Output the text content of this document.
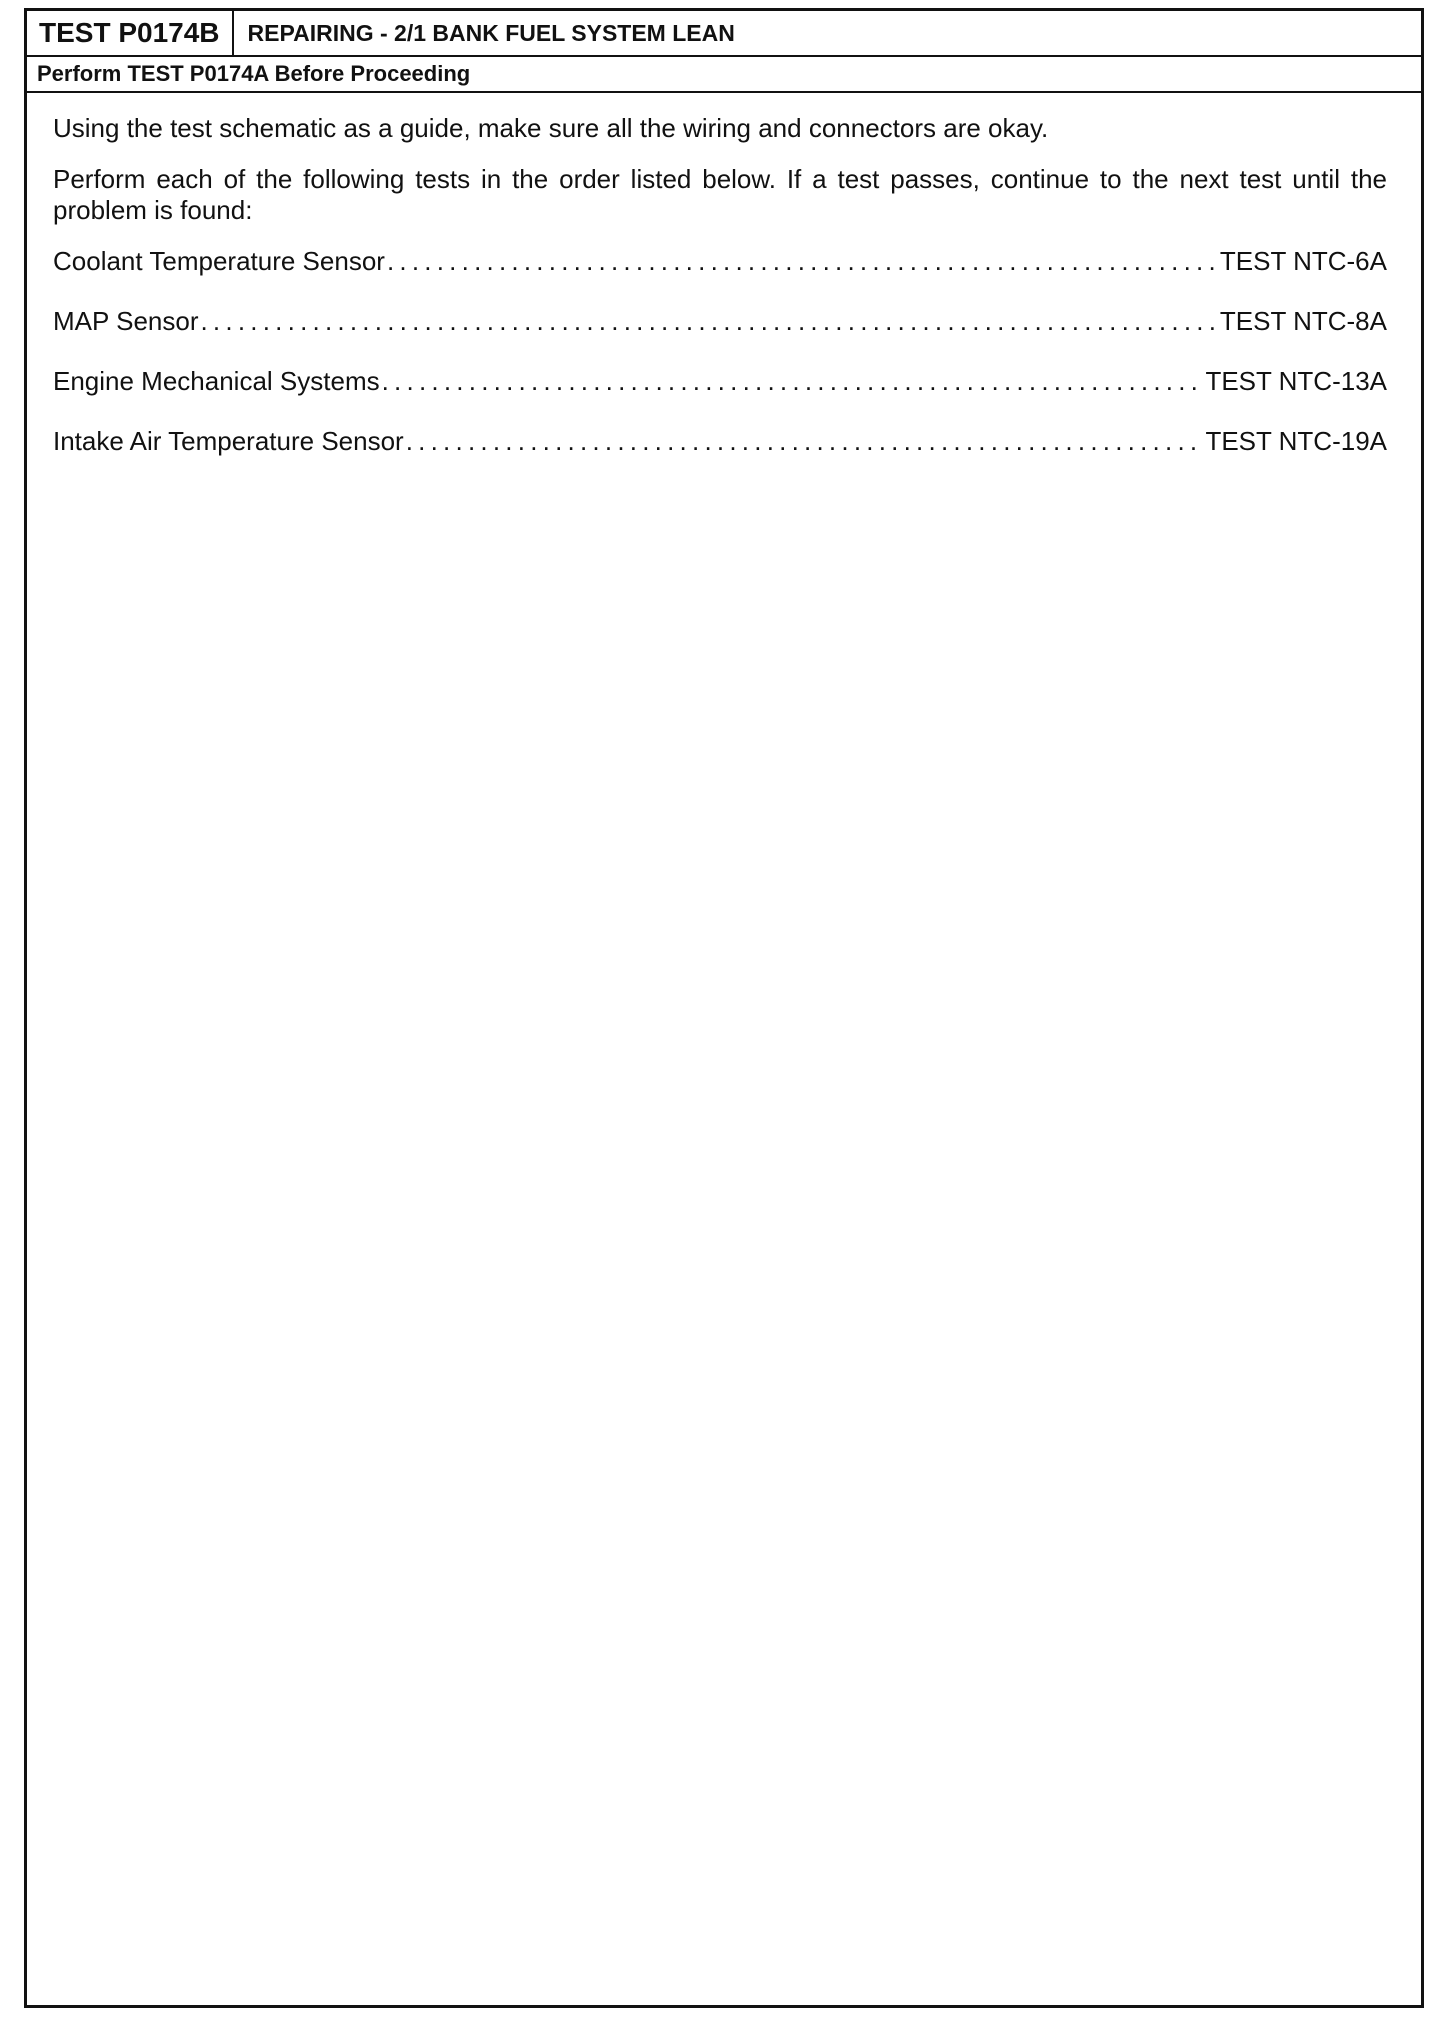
TEST P0174B	REPAIRING - 2/1 BANK FUEL SYSTEM LEAN
Perform TEST P0174A Before Proceeding

Using the test schematic as a guide, make sure all the wiring and connectors are okay.

Perform each of the following tests in the order listed below. If a test passes, continue to the next test until the problem is found:

Coolant Temperature Sensor . . .	TEST NTC-6A
MAP Sensor . . .	TEST NTC-8A
Engine Mechanical Systems . . .	TEST NTC-13A
Intake Air Temperature Sensor . . .	TEST NTC-19A
